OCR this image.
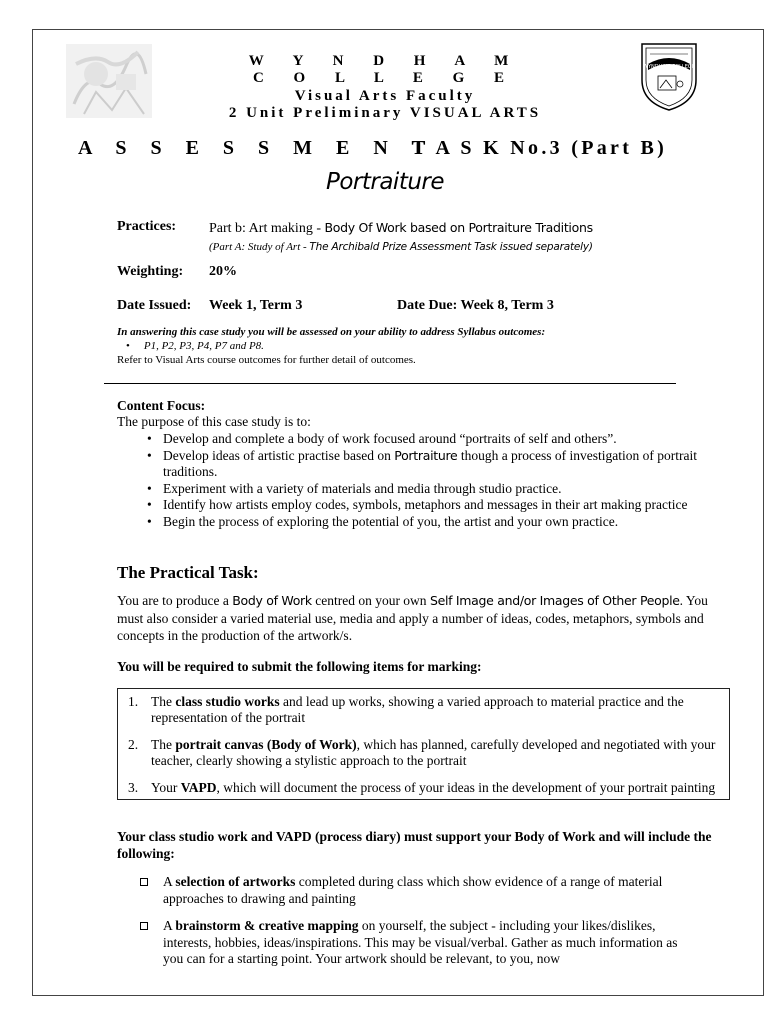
WYNDHAM COLLEGE
W Y N D H A M
C O L L E G E
Visual Arts Faculty
2 Unit Preliminary VISUAL ARTS
A S S E S S M E N T
T A S K No.3 (Part B)
Portraiture
Practices: Part b: Art making - Body Of Work based on Portraiture Traditions
(Part A: Study of Art - The Archibald Prize Assessment Task issued separately)
Weighting: 20%
Date Issued: Week 1, Term 3	Date Due: Week 8, Term 3
In answering this case study you will be assessed on your ability to address Syllabus outcomes:
• P1, P2, P3, P4, P7 and P8.
Refer to Visual Arts course outcomes for further detail of outcomes.
Content Focus:
The purpose of this case study is to:
• Develop and complete a body of work focused around “portraits of self and others”.
• Develop ideas of artistic practise based on Portraiture though a process of investigation of portrait traditions.
• Experiment with a variety of materials and media through studio practice.
• Identify how artists employ codes, symbols, metaphors and messages in their art making practice
• Begin the process of exploring the potential of you, the artist and your own practice.
The Practical Task:
You are to produce a Body of Work centred on your own Self Image and/or Images of Other People. You must also consider a varied material use, media and apply a number of ideas, codes, metaphors, symbols and concepts in the production of the artwork/s.
You will be required to submit the following items for marking:
1. The class studio works and lead up works, showing a varied approach to material practice and the representation of the portrait
2. The portrait canvas (Body of Work), which has planned, carefully developed and negotiated with your teacher, clearly showing a stylistic approach to the portrait
3. Your VAPD, which will document the process of your ideas in the development of your portrait painting
Your class studio work and VAPD (process diary) must support your Body of Work and will include the following:
A selection of artworks completed during class which show evidence of a range of material approaches to drawing and painting
A brainstorm & creative mapping on yourself, the subject - including your likes/dislikes, interests, hobbies, ideas/inspirations. This may be visual/verbal. Gather as much information as you can for a starting point. Your artwork should be relevant, to you, now
